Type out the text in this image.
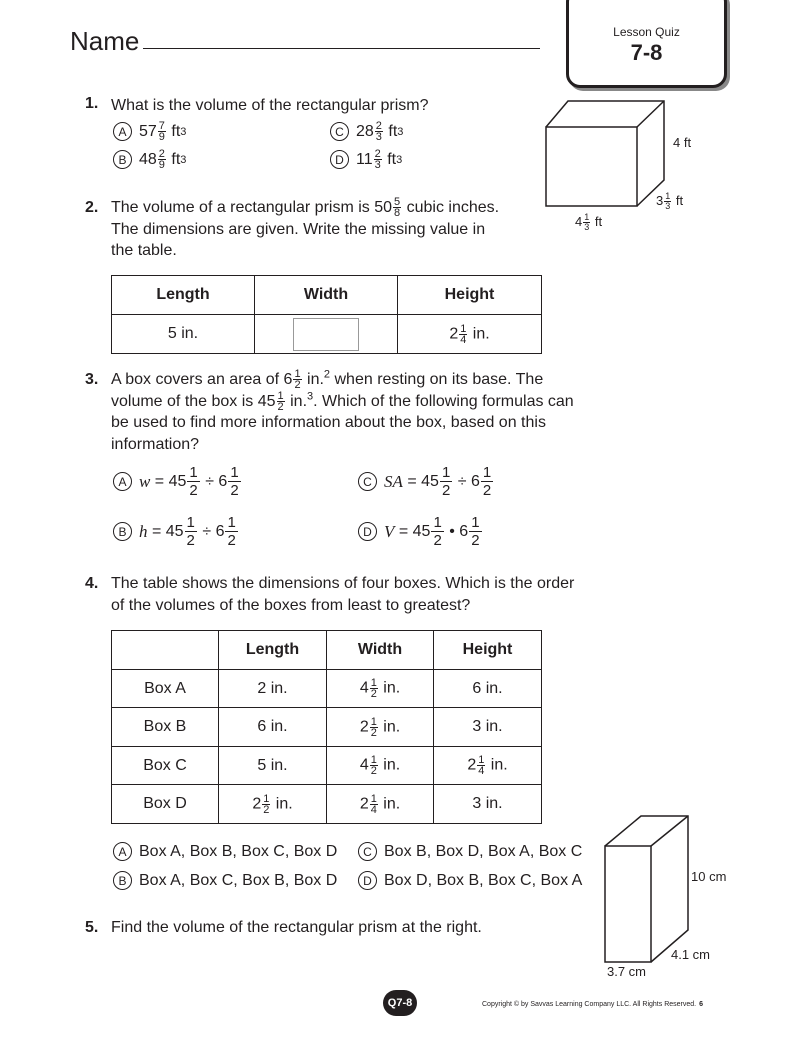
Name	Lesson Quiz
7-8
1. What is the volume of the rectangular prism?
A $57 \frac{7}{9}$
ft 3
B $48 \frac{2}{9}$
ft 3
C $28 \frac{2}{3}$
ft 3
D $11 \frac{2}{3}$
ft 3
4 ft
$3 \frac{1}{3}$ ft
$4 \frac{1}{3}$ ft
2. The volume of a rectangular prism is $50 \frac{5}{8}$ cubic inches.
The dimensions are given. Write the missing value in
the table.
Length	Width	Height
5 in.		$2 \frac{1}{4}$ in.
3. A box covers an area of $6 \frac{1}{2} in.^2$ when resting on its base. The
volume of the box is $45 \frac{1}{2} in.^3$. Which of the following formulas can
be used to find more information about the box, based on this
information?
A w
=
$45 \frac{1}{2}$
÷
6 1
2
B h
=
$45 \frac{1}{2}$
÷
6 1
2
C SA
=
$45 \frac{1}{2}$
÷
6 1
2
D V
=
45 1
2

•
6 1
2
4. The table shows the dimensions of four boxes. Which is the order
of the volumes of the boxes from least to greatest?
	Length	Width	Height
Box A	2 in.	$4 \frac{1}{2}$ in.	6 in.
Box B	6 in.	$2 \frac{1}{2}$ in.	3 in.
Box C	5 in.	$4 \frac{1}{2}$ in.	$2 \frac{1}{4}$ in.
Box D	$2 \frac{1}{2}$ in.	$2 \frac{1}{4}$ in.	3 in.
A Box A, Box B, Box C, Box D
B Box A, Box C, Box B, Box D
C Box B, Box D, Box A, Box C
D Box D, Box B, Box C, Box A
5. Find the volume of the rectangular prism at the right.
10 cm
4.1 cm
3.7 cm
Q7-8	Copyright © by Savvas Learning Company LLC. All Rights Reserved. 6
